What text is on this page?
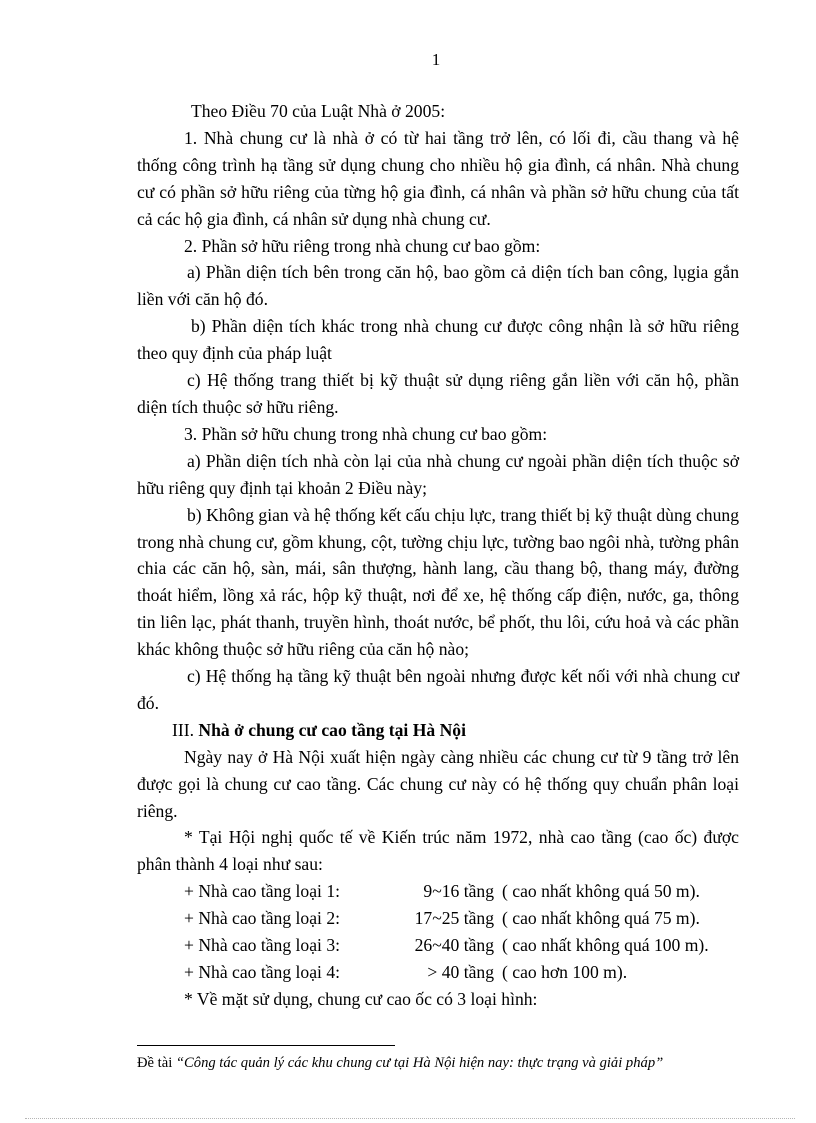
1

Theo Điều 70 của Luật Nhà ở 2005:

1. Nhà chung cư là nhà ở có từ hai tầng trở lên, có lối đi, cầu thang và hệ thống công trình hạ tầng sử dụng chung cho nhiều hộ gia đình, cá nhân. Nhà chung cư có phần sở hữu riêng của từng hộ gia đình, cá nhân và phần sở hữu chung của tất cả các hộ gia đình, cá nhân sử dụng nhà chung cư.

2. Phần sở hữu riêng trong nhà chung cư bao gồm:

a) Phần diện tích bên trong căn hộ, bao gồm cả diện tích ban công, lụgia gắn liền với căn hộ đó.

b) Phần diện tích khác trong nhà chung cư được công nhận là sở hữu riêng theo quy định của pháp luật

c) Hệ thống trang thiết bị kỹ thuật sử dụng riêng gắn liền với căn hộ, phần diện tích thuộc sở hữu riêng.

3. Phần sở hữu chung trong nhà chung cư bao gồm:

a) Phần diện tích nhà còn lại của nhà chung cư ngoài phần diện tích thuộc sở hữu riêng quy định tại khoản 2 Điều này;

b) Không gian và hệ thống kết cấu chịu lực, trang thiết bị kỹ thuật dùng chung trong nhà chung cư, gồm khung, cột, tường chịu lực, tường bao ngôi nhà, tường phân chia các căn hộ, sàn, mái, sân thượng, hành lang, cầu thang bộ, thang máy, đường thoát hiểm, lồng xả rác, hộp kỹ thuật, nơi để xe, hệ thống cấp điện, nước, ga, thông tin liên lạc, phát thanh, truyền hình, thoát nước, bể phốt, thu lôi, cứu hoả và các phần khác không thuộc sở hữu riêng của căn hộ nào;

c) Hệ thống hạ tầng kỹ thuật bên ngoài nhưng được kết nối với nhà chung cư đó.

III. Nhà ở chung cư cao tầng tại Hà Nội

Ngày nay ở Hà Nội xuất hiện ngày càng nhiều các chung cư từ 9 tầng trở lên được gọi là chung cư cao tầng. Các chung cư này có hệ thống quy chuẩn phân loại riêng.

* Tại Hội nghị quốc tế về Kiến trúc năm 1972, nhà cao tầng (cao ốc) được phân thành 4 loại như sau:

+ Nhà cao tầng loại 1:	9~16 tầng ( cao nhất không quá 50 m).
+ Nhà cao tầng loại 2:	17~25 tầng ( cao nhất không quá 75 m).
+ Nhà cao tầng loại 3:	26~40 tầng ( cao nhất không quá 100 m).
+ Nhà cao tầng loại 4:	> 40 tầng ( cao hơn 100 m).

* Về mặt sử dụng, chung cư cao ốc có 3 loại hình:

Đề tài “Công tác quản lý các khu chung cư tại Hà Nội hiện nay: thực trạng và giải pháp”
